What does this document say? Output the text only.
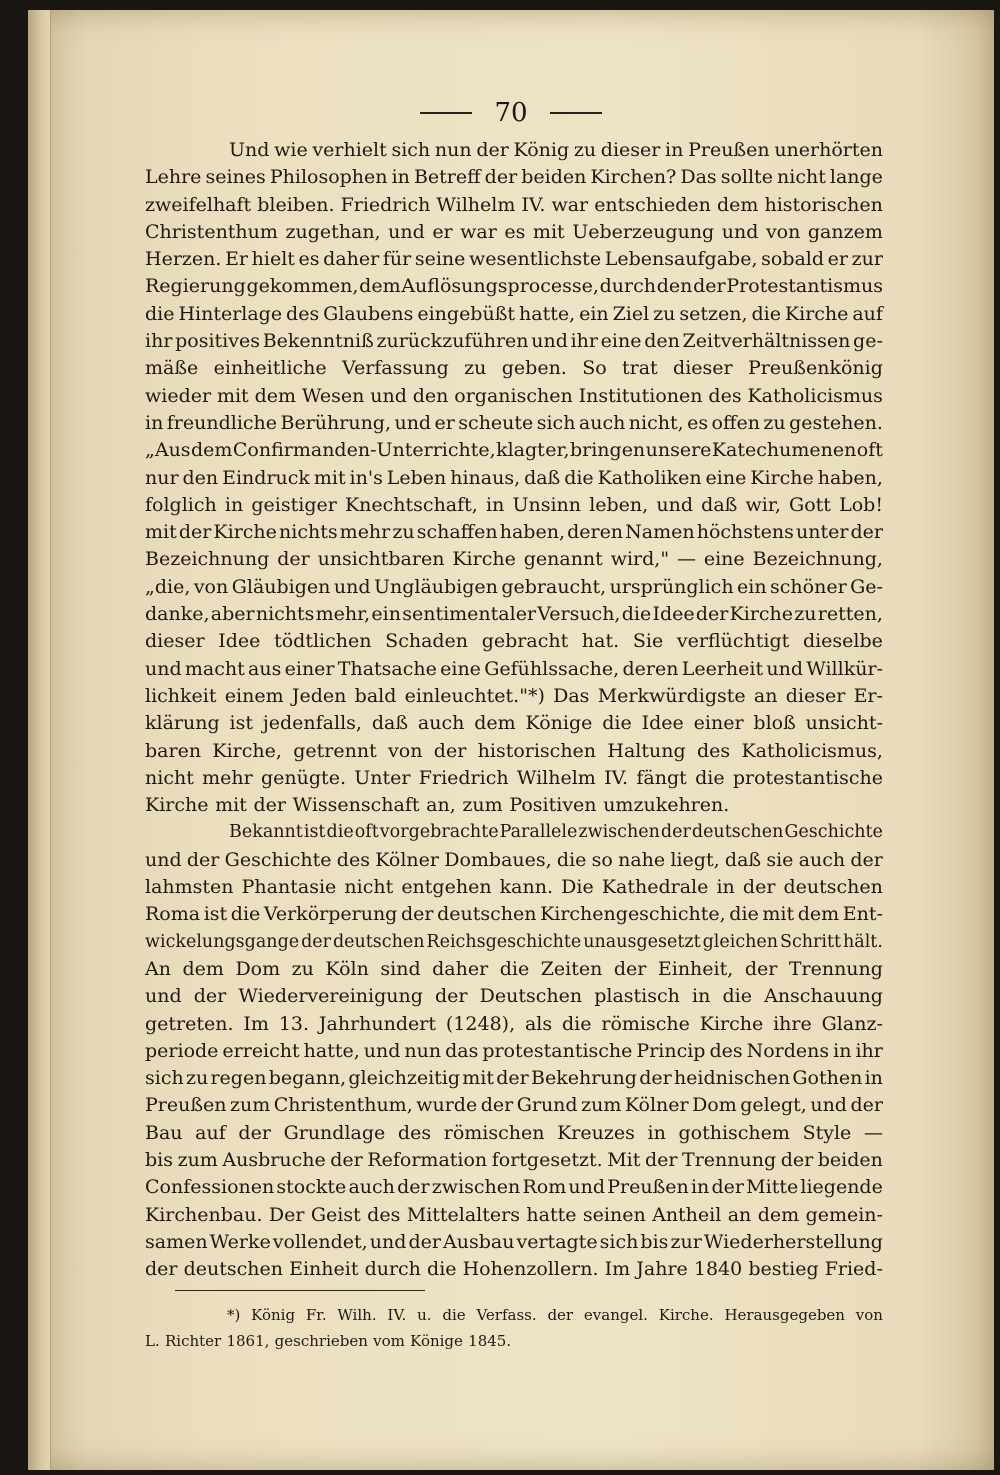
70
Und wie verhielt sich nun der König zu dieser in Preußen unerhörten
Lehre seines Philosophen in Betreff der beiden Kirchen? Das sollte nicht lange
zweifelhaft bleiben. Friedrich Wilhelm IV. war entschieden dem historischen
Christenthum zugethan, und er war es mit Ueberzeugung und von ganzem
Herzen. Er hielt es daher für seine wesentlichste Lebensaufgabe, sobald er zur
Regierung gekommen, dem Auflösungsprocesse, durch den der Protestantismus
die Hinterlage des Glaubens eingebüßt hatte, ein Ziel zu setzen, die Kirche auf
ihr positives Bekenntniß zurückzuführen und ihr eine den Zeitverhältnissen ge-
mäße einheitliche Verfassung zu geben. So trat dieser Preußenkönig
wieder mit dem Wesen und den organischen Institutionen des Katholicismus
in freundliche Berührung, und er scheute sich auch nicht, es offen zu gestehen.
„Aus dem Confirmanden-Unterrichte, klagt er, bringen unsere Katechumenen oft
nur den Eindruck mit in's Leben hinaus, daß die Katholiken eine Kirche haben,
folglich in geistiger Knechtschaft, in Unsinn leben, und daß wir, Gott Lob!
mit der Kirche nichts mehr zu schaffen haben, deren Namen höchstens unter der
Bezeichnung der unsichtbaren Kirche genannt wird," — eine Bezeichnung,
„die, von Gläubigen und Ungläubigen gebraucht, ursprünglich ein schöner Ge-
danke, aber nichts mehr, ein sentimentaler Versuch, die Idee der Kirche zu retten,
dieser Idee tödtlichen Schaden gebracht hat. Sie verflüchtigt dieselbe
und macht aus einer Thatsache eine Gefühlssache, deren Leerheit und Willkür-
lichkeit einem Jeden bald einleuchtet."*) Das Merkwürdigste an dieser Er-
klärung ist jedenfalls, daß auch dem Könige die Idee einer bloß unsicht-
baren Kirche, getrennt von der historischen Haltung des Katholicismus,
nicht mehr genügte. Unter Friedrich Wilhelm IV. fängt die protestantische
Kirche mit der Wissenschaft an, zum Positiven umzukehren.
Bekannt ist die oft vorgebrachte Parallele zwischen der deutschen Geschichte
und der Geschichte des Kölner Dombaues, die so nahe liegt, daß sie auch der
lahmsten Phantasie nicht entgehen kann. Die Kathedrale in der deutschen
Roma ist die Verkörperung der deutschen Kirchengeschichte, die mit dem Ent-
wickelungsgange der deutschen Reichsgeschichte unausgesetzt gleichen Schritt hält.
An dem Dom zu Köln sind daher die Zeiten der Einheit, der Trennung
und der Wiedervereinigung der Deutschen plastisch in die Anschauung
getreten. Im 13. Jahrhundert (1248), als die römische Kirche ihre Glanz-
periode erreicht hatte, und nun das protestantische Princip des Nordens in ihr
sich zu regen begann, gleichzeitig mit der Bekehrung der heidnischen Gothen in
Preußen zum Christenthum, wurde der Grund zum Kölner Dom gelegt, und der
Bau auf der Grundlage des römischen Kreuzes in gothischem Style —
bis zum Ausbruche der Reformation fortgesetzt. Mit der Trennung der beiden
Confessionen stockte auch der zwischen Rom und Preußen in der Mitte liegende
Kirchenbau. Der Geist des Mittelalters hatte seinen Antheil an dem gemein-
samen Werke vollendet, und der Ausbau vertagte sich bis zur Wiederherstellung
der deutschen Einheit durch die Hohenzollern. Im Jahre 1840 bestieg Fried-
*) König Fr. Wilh. IV. u. die Verfass. der evangel. Kirche. Herausgegeben von
L. Richter 1861, geschrieben vom Könige 1845.
